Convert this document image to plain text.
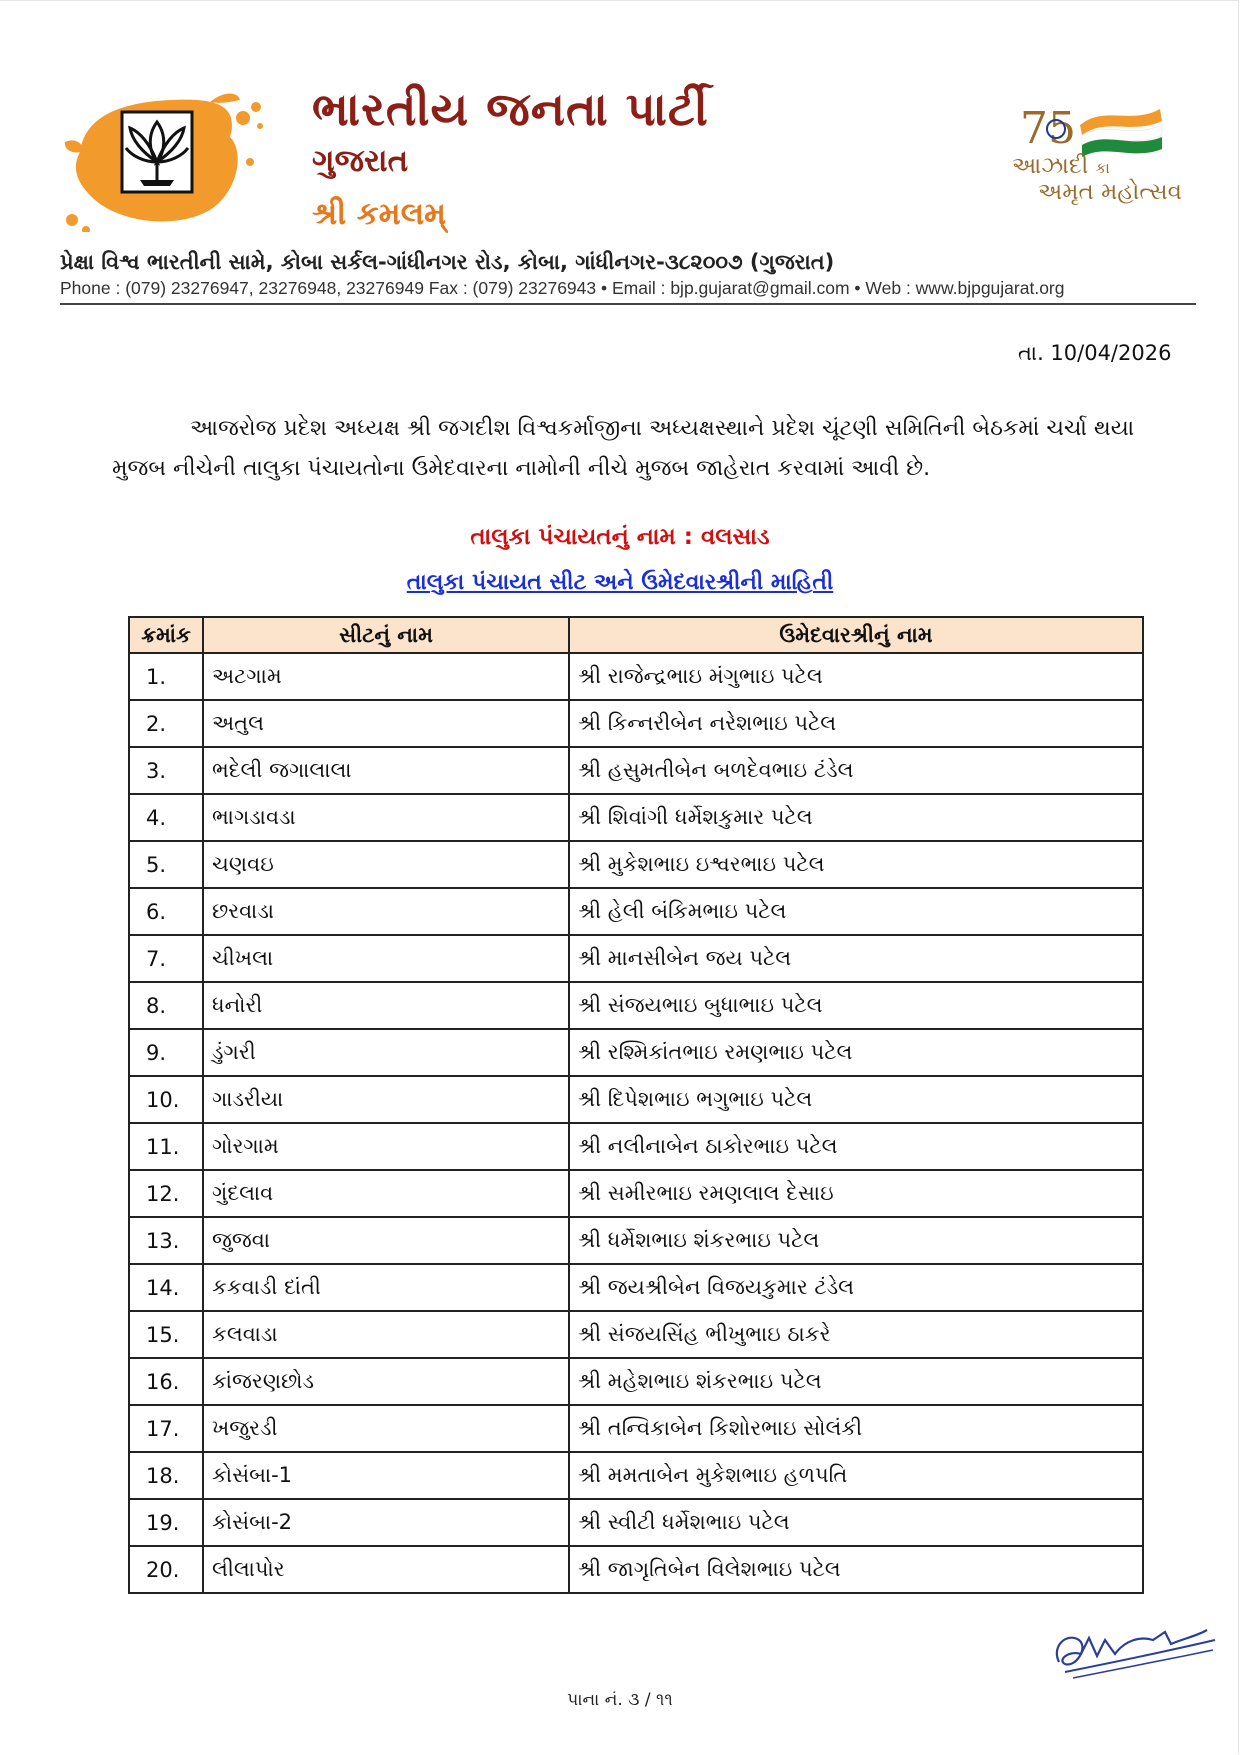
ભારતીય જનતા પાર્ટી
ગુજરાત
શ્રી કમલમ્
75
આઝાદી કા
અમૃત મહોત્સવ
પ્રેક્ષા વિશ્વ ભારતીની સામે, કોબા સર્કલ-ગાંધીનગર રોડ, કોબા, ગાંધીનગર-૩૮૨૦૦૭ (ગુજરાત)
Phone : (079) 23276947, 23276948, 23276949 Fax : (079) 23276943 • Email : bjp.gujarat@gmail.com • Web : www.bjpgujarat.org
તા. 10/04/2026
આજરોજ પ્રદેશ અધ્યક્ષ શ્રી જગદીશ વિશ્વકર્માજીના અધ્યક્ષસ્થાને પ્રદેશ ચૂંટણી સમિતિની બેઠકમાં ચર્ચા થયા
મુજબ નીચેની તાલુકા પંચાયતોના ઉમેદવારના નામોની નીચે મુજબ જાહેરાત કરવામાં આવી છે.
તાલુકા પંચાયતનું નામ : વલસાડ
તાલુકા પંચાયત સીટ અને ઉમેદવારશ્રીની માહિતી
ક્રમાંક	સીટનું નામ	ઉમેદવારશ્રીનું નામ
1.	અટગામ	શ્રી રાજેન્દ્રભાઇ મંગુભાઇ પટેલ
2.	અતુલ	શ્રી કિન્નરીબેન નરેશભાઇ પટેલ
3.	ભદેલી જગાલાલા	શ્રી હસુમતીબેન બળદેવભાઇ ટંડેલ
4.	ભાગડાવડા	શ્રી શિવાંગી ધર્મેશકુમાર પટેલ
5.	ચણવઇ	શ્રી મુકેશભાઇ ઇશ્વરભાઇ પટેલ
6.	છરવાડા	શ્રી હેલી બંકિમભાઇ પટેલ
7.	ચીખલા	શ્રી માનસીબેન જય પટેલ
8.	ધનોરી	શ્રી સંજયભાઇ બુધાભાઇ પટેલ
9.	ડુંગરી	શ્રી રશ્મિકાંતભાઇ રમણભાઇ પટેલ
10.	ગાડરીયા	શ્રી દિપેશભાઇ ભગુભાઇ પટેલ
11.	ગોરગામ	શ્રી નલીનાબેન ઠાકોરભાઇ પટેલ
12.	ગુંદલાવ	શ્રી સમીરભાઇ રમણલાલ દેસાઇ
13.	જુજવા	શ્રી ધર્મેશભાઇ શંકરભાઇ પટેલ
14.	કકવાડી દાંતી	શ્રી જયશ્રીબેન વિજયકુમાર ટંડેલ
15.	કલવાડા	શ્રી સંજયસિંહ ભીખુભાઇ ઠાકરે
16.	કાંજરણછોડ	શ્રી મહેશભાઇ શંકરભાઇ પટેલ
17.	ખજુરડી	શ્રી તન્વિકાબેન કિશોરભાઇ સોલંકી
18.	કોસંબા-1	શ્રી મમતાબેન મુકેશભાઇ હળપતિ
19.	કોસંબા-2	શ્રી સ્વીટી ધર્મેશભાઇ પટેલ
20.	લીલાપોર	શ્રી જાગૃતિબેન વિલેશભાઇ પટેલ
પાના નં. ૩ / ૧૧
